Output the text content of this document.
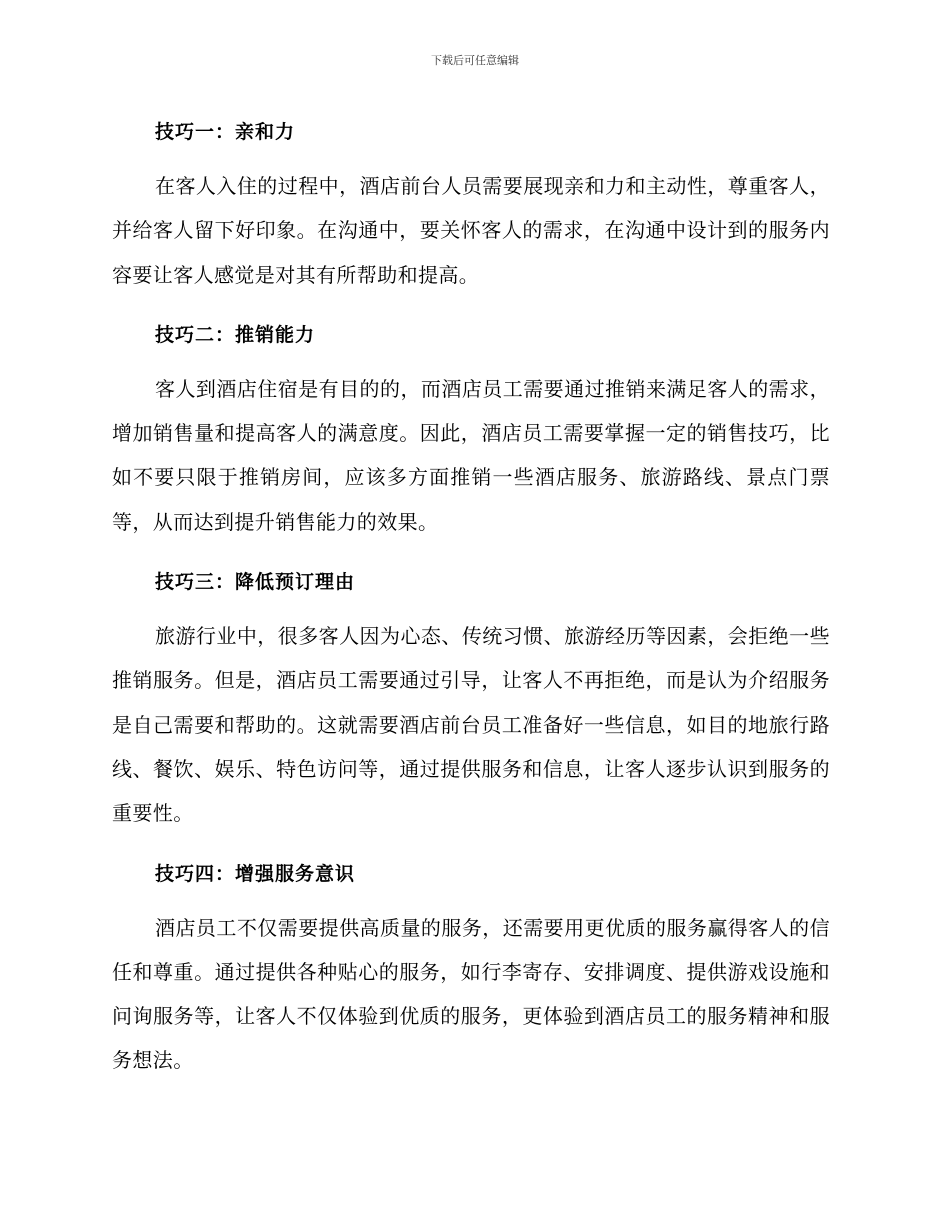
下载后可任意编辑
技巧一：亲和力

在客人入住的过程中，酒店前台人员需要展现亲和力和主动性，尊重客人，并给客人留下好印象。在沟通中，要关怀客人的需求，在沟通中设计到的服务内容要让客人感觉是对其有所帮助和提高。

技巧二：推销能力

客人到酒店住宿是有目的的，而酒店员工需要通过推销来满足客人的需求，增加销售量和提高客人的满意度。因此，酒店员工需要掌握一定的销售技巧，比如不要只限于推销房间，应该多方面推销一些酒店服务、旅游路线、景点门票等，从而达到提升销售能力的效果。

技巧三：降低预订理由

旅游行业中，很多客人因为心态、传统习惯、旅游经历等因素，会拒绝一些推销服务。但是，酒店员工需要通过引导，让客人不再拒绝，而是认为介绍服务是自己需要和帮助的。这就需要酒店前台员工准备好一些信息，如目的地旅行路线、餐饮、娱乐、特色访问等，通过提供服务和信息，让客人逐步认识到服务的重要性。

技巧四：增强服务意识

酒店员工不仅需要提供高质量的服务，还需要用更优质的服务赢得客人的信任和尊重。通过提供各种贴心的服务，如行李寄存、安排调度、提供游戏设施和问询服务等，让客人不仅体验到优质的服务，更体验到酒店员工的服务精神和服务想法。
